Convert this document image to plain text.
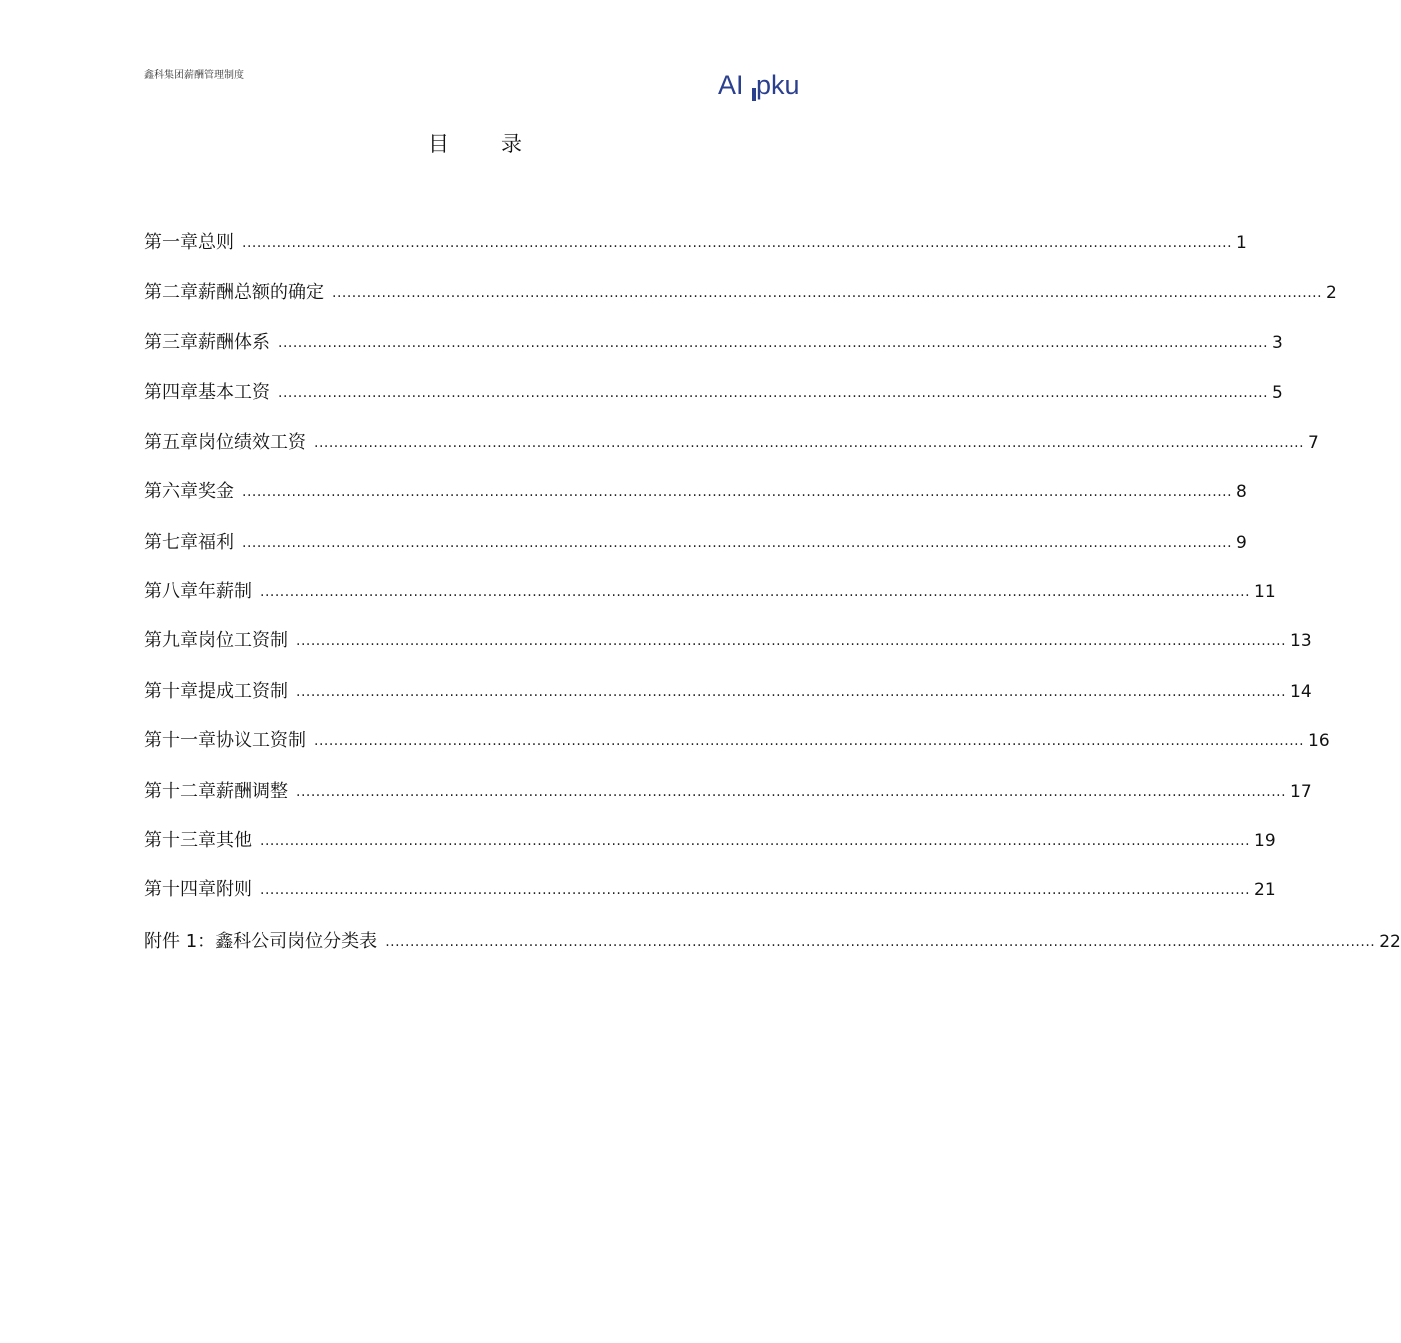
鑫科集团薪酬管理制度	AI pku
目 录
第一章 总则 ........................................................................................................................................................................................................ 1
第二章 薪酬总额的确定 ........................................................................................................................................................................................................ 2
第三章 薪酬体系 ........................................................................................................................................................................................................ 3
第四章 基本工资 ........................................................................................................................................................................................................ 5
第五章 岗位绩效工资 ........................................................................................................................................................................................................ 7
第六章 奖金 ........................................................................................................................................................................................................ 8
第七章 福利 ........................................................................................................................................................................................................ 9
第八章 年薪制 ........................................................................................................................................................................................................ 11
第九章 岗位工资制 ........................................................................................................................................................................................................ 13
第十章 提成工资制 ........................................................................................................................................................................................................ 14
第十一章 协议工资制 ........................................................................................................................................................................................................ 16
第十二章 薪酬调整 ........................................................................................................................................................................................................ 17
第十三章 其他 ........................................................................................................................................................................................................ 19
第十四章 附则 ........................................................................................................................................................................................................ 21
附件 1： 鑫科公司岗位分类表 ........................................................................................................................................................................................................ 22
